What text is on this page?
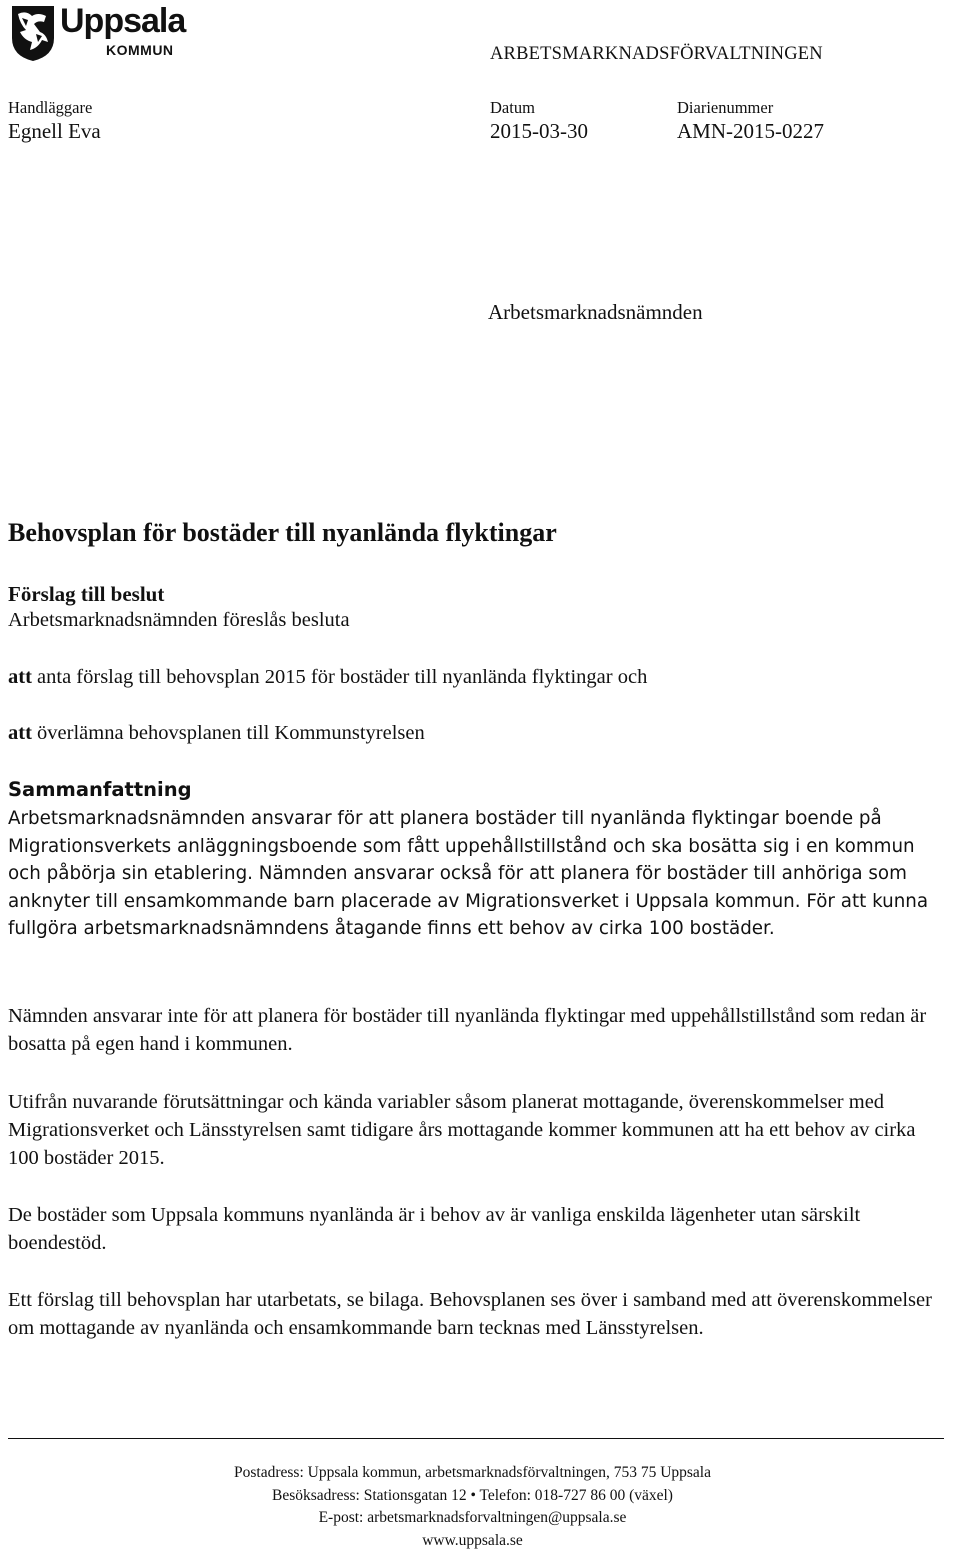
Uppsala
KOMMUN	ARBETSMARKNADSFÖRVALTNINGEN
Handläggare
Egnell Eva
Datum
2015-03-30
Diarienummer
AMN-2015-0227
Arbetsmarknadsnämnden
Behovsplan för bostäder till nyanlända flyktingar
Förslag till beslut
Arbetsmarknadsnämnden föreslås besluta
att anta förslag till behovsplan 2015 för bostäder till nyanlända flyktingar och
att överlämna behovsplanen till Kommunstyrelsen
Sammanfattning
Arbetsmarknadsnämnden ansvarar för att planera bostäder till nyanlända flyktingar boende på Migrationsverkets anläggningsboende som fått uppehållstillstånd och ska bosätta sig i en kommun och påbörja sin etablering. Nämnden ansvarar också för att planera för bostäder till anhöriga som anknyter till ensamkommande barn placerade av Migrationsverket i Uppsala kommun. För att kunna fullgöra arbetsmarknadsnämndens åtagande finns ett behov av cirka 100 bostäder.
Nämnden ansvarar inte för att planera för bostäder till nyanlända flyktingar med uppehållstillstånd som redan är bosatta på egen hand i kommunen.
Utifrån nuvarande förutsättningar och kända variabler såsom planerat mottagande, överenskommelser med Migrationsverket och Länsstyrelsen samt tidigare års mottagande kommer kommunen att ha ett behov av cirka 100 bostäder 2015.
De bostäder som Uppsala kommuns nyanlända är i behov av är vanliga enskilda lägenheter utan särskilt boendestöd.
Ett förslag till behovsplan har utarbetats, se bilaga. Behovsplanen ses över i samband med att överenskommelser om mottagande av nyanlända och ensamkommande barn tecknas med Länsstyrelsen.
Postadress: Uppsala kommun, arbetsmarknadsförvaltningen, 753 75 Uppsala
Besöksadress: Stationsgatan 12 • Telefon: 018-727 86 00 (växel)
E-post: arbetsmarknadsforvaltningen@uppsala.se
www.uppsala.se
